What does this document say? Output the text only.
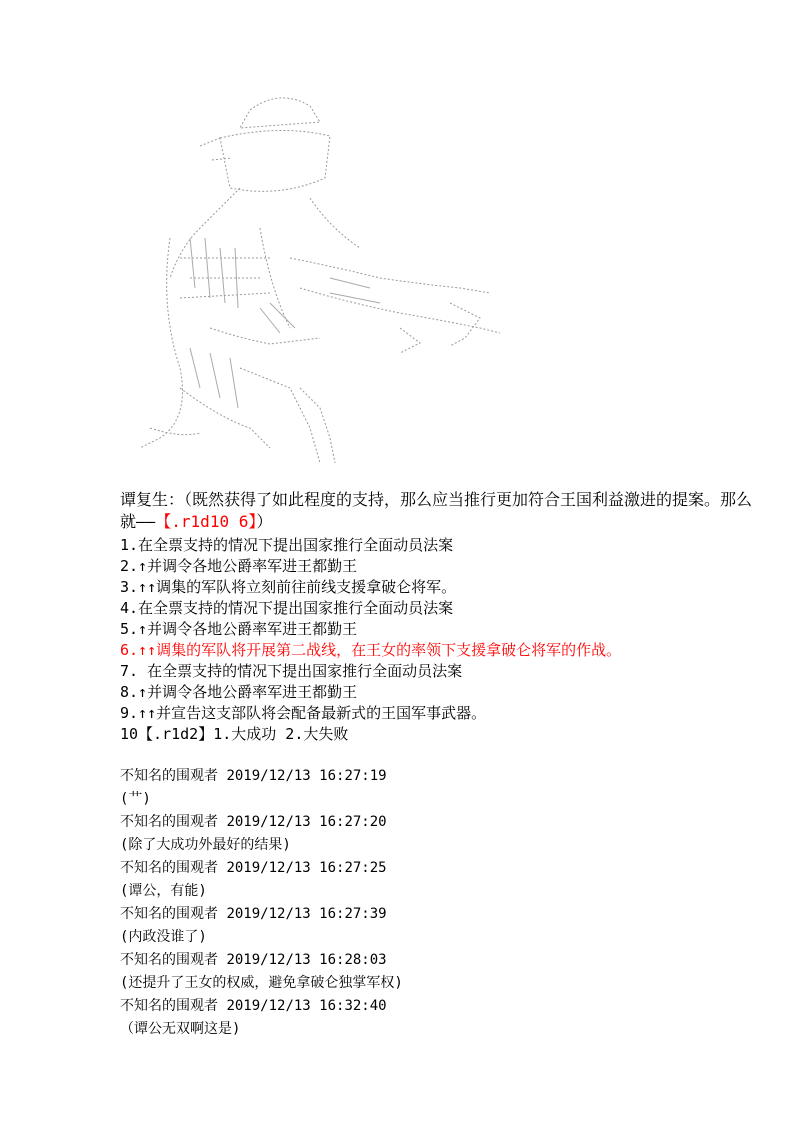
谭复生：（既然获得了如此程度的支持，那么应当推行更加符合王国利益激进的提案。那么就——【.r1d10 6】）
1.在全票支持的情况下提出国家推行全面动员法案
2.↑并调令各地公爵率军进王都勤王
3.↑↑调集的军队将立刻前往前线支援拿破仑将军。
4.在全票支持的情况下提出国家推行全面动员法案
5.↑并调令各地公爵率军进王都勤王
6.↑↑调集的军队将开展第二战线，在王女的率领下支援拿破仑将军的作战。
7. 在全票支持的情况下提出国家推行全面动员法案
8.↑并调令各地公爵率军进王都勤王
9.↑↑并宣告这支部队将会配备最新式的王国军事武器。
10【.r1d2】1.大成功 2.大失败
不知名的围观者 2019/12/13 16:27:19
(艹)
不知名的围观者 2019/12/13 16:27:20
(除了大成功外最好的结果)
不知名的围观者 2019/12/13 16:27:25
(谭公，有能)
不知名的围观者 2019/12/13 16:27:39
(内政没谁了)
不知名的围观者 2019/12/13 16:28:03
(还提升了王女的权威，避免拿破仑独掌军权)
不知名的围观者 2019/12/13 16:32:40
（谭公无双啊这是)
